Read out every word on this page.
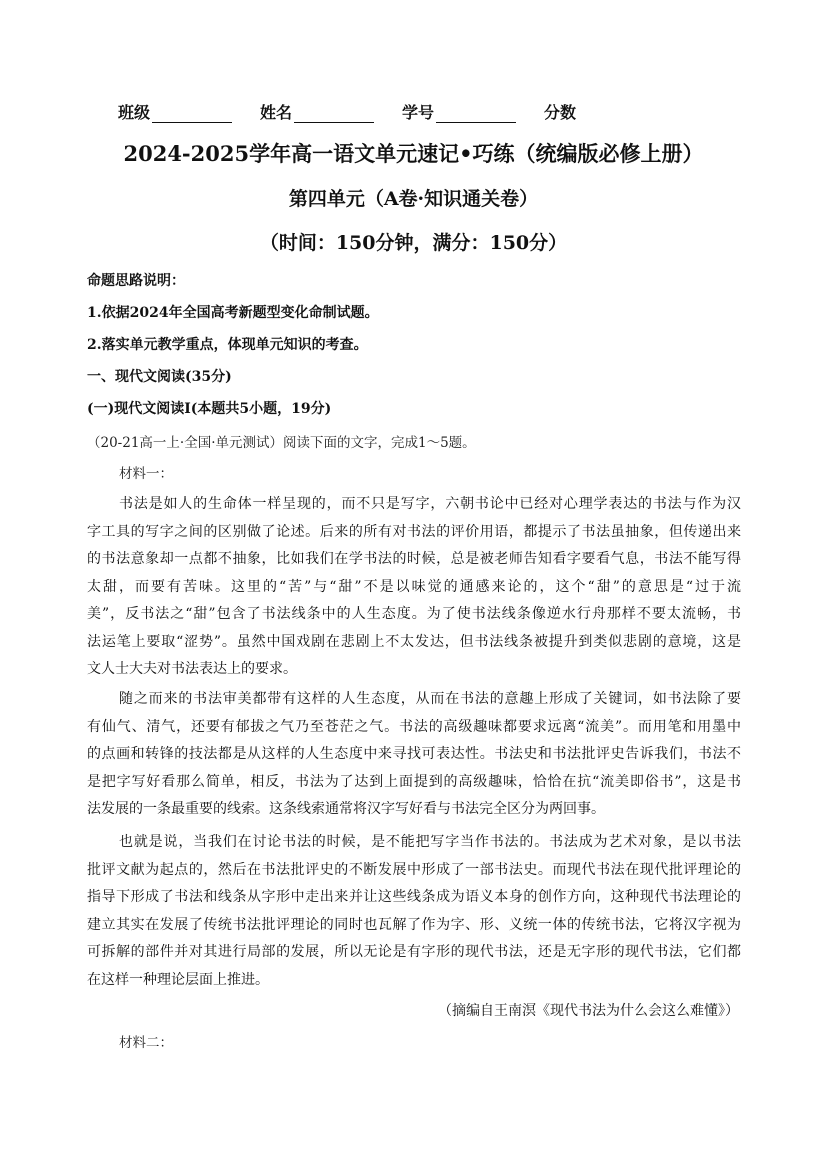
班级	姓名	学号	分数
2024-2025学年高一语文单元速记•巧练（统编版必修上册）
第四单元（A卷·知识通关卷）
（时间：150分钟，满分：150分）
命题思路说明：
1.依据2024年全国高考新题型变化命制试题。
2.落实单元教学重点，体现单元知识的考查。
一、现代文阅读(35分)
(一)现代文阅读Ⅰ(本题共5小题，19分)
（20-21高一上·全国·单元测试）阅读下面的文字，完成1～5题。
材料一：
书法是如人的生命体一样呈现的，而不只是写字，六朝书论中已经对心理学表达的书法与作为汉
字工具的写字之间的区别做了论述。后来的所有对书法的评价用语，都提示了书法虽抽象，但传递出来
的书法意象却一点都不抽象，比如我们在学书法的时候，总是被老师告知看字要看气息，书法不能写得
太甜，而要有苦味。这里的“苦”与“甜”不是以味觉的通感来论的，这个“甜”的意思是“过于流
美”，反书法之“甜”包含了书法线条中的人生态度。为了使书法线条像逆水行舟那样不要太流畅，书
法运笔上要取“涩势”。虽然中国戏剧在悲剧上不太发达，但书法线条被提升到类似悲剧的意境，这是
文人士大夫对书法表达上的要求。
随之而来的书法审美都带有这样的人生态度，从而在书法的意趣上形成了关键词，如书法除了要
有仙气、清气，还要有郁拔之气乃至苍茫之气。书法的高级趣味都要求远离“流美”。而用笔和用墨中
的点画和转锋的技法都是从这样的人生态度中来寻找可表达性。书法史和书法批评史告诉我们，书法不
是把字写好看那么简单，相反，书法为了达到上面提到的高级趣味，恰恰在抗“流美即俗书”，这是书
法发展的一条最重要的线索。这条线索通常将汉字写好看与书法完全区分为两回事。
也就是说，当我们在讨论书法的时候，是不能把写字当作书法的。书法成为艺术对象，是以书法
批评文献为起点的，然后在书法批评史的不断发展中形成了一部书法史。而现代书法在现代批评理论的
指导下形成了书法和线条从字形中走出来并让这些线条成为语义本身的创作方向，这种现代书法理论的
建立其实在发展了传统书法批评理论的同时也瓦解了作为字、形、义统一体的传统书法，它将汉字视为
可拆解的部件并对其进行局部的发展，所以无论是有字形的现代书法，还是无字形的现代书法，它们都
在这样一种理论层面上推进。
（摘编自王南溟《现代书法为什么会这么难懂》）
材料二：
